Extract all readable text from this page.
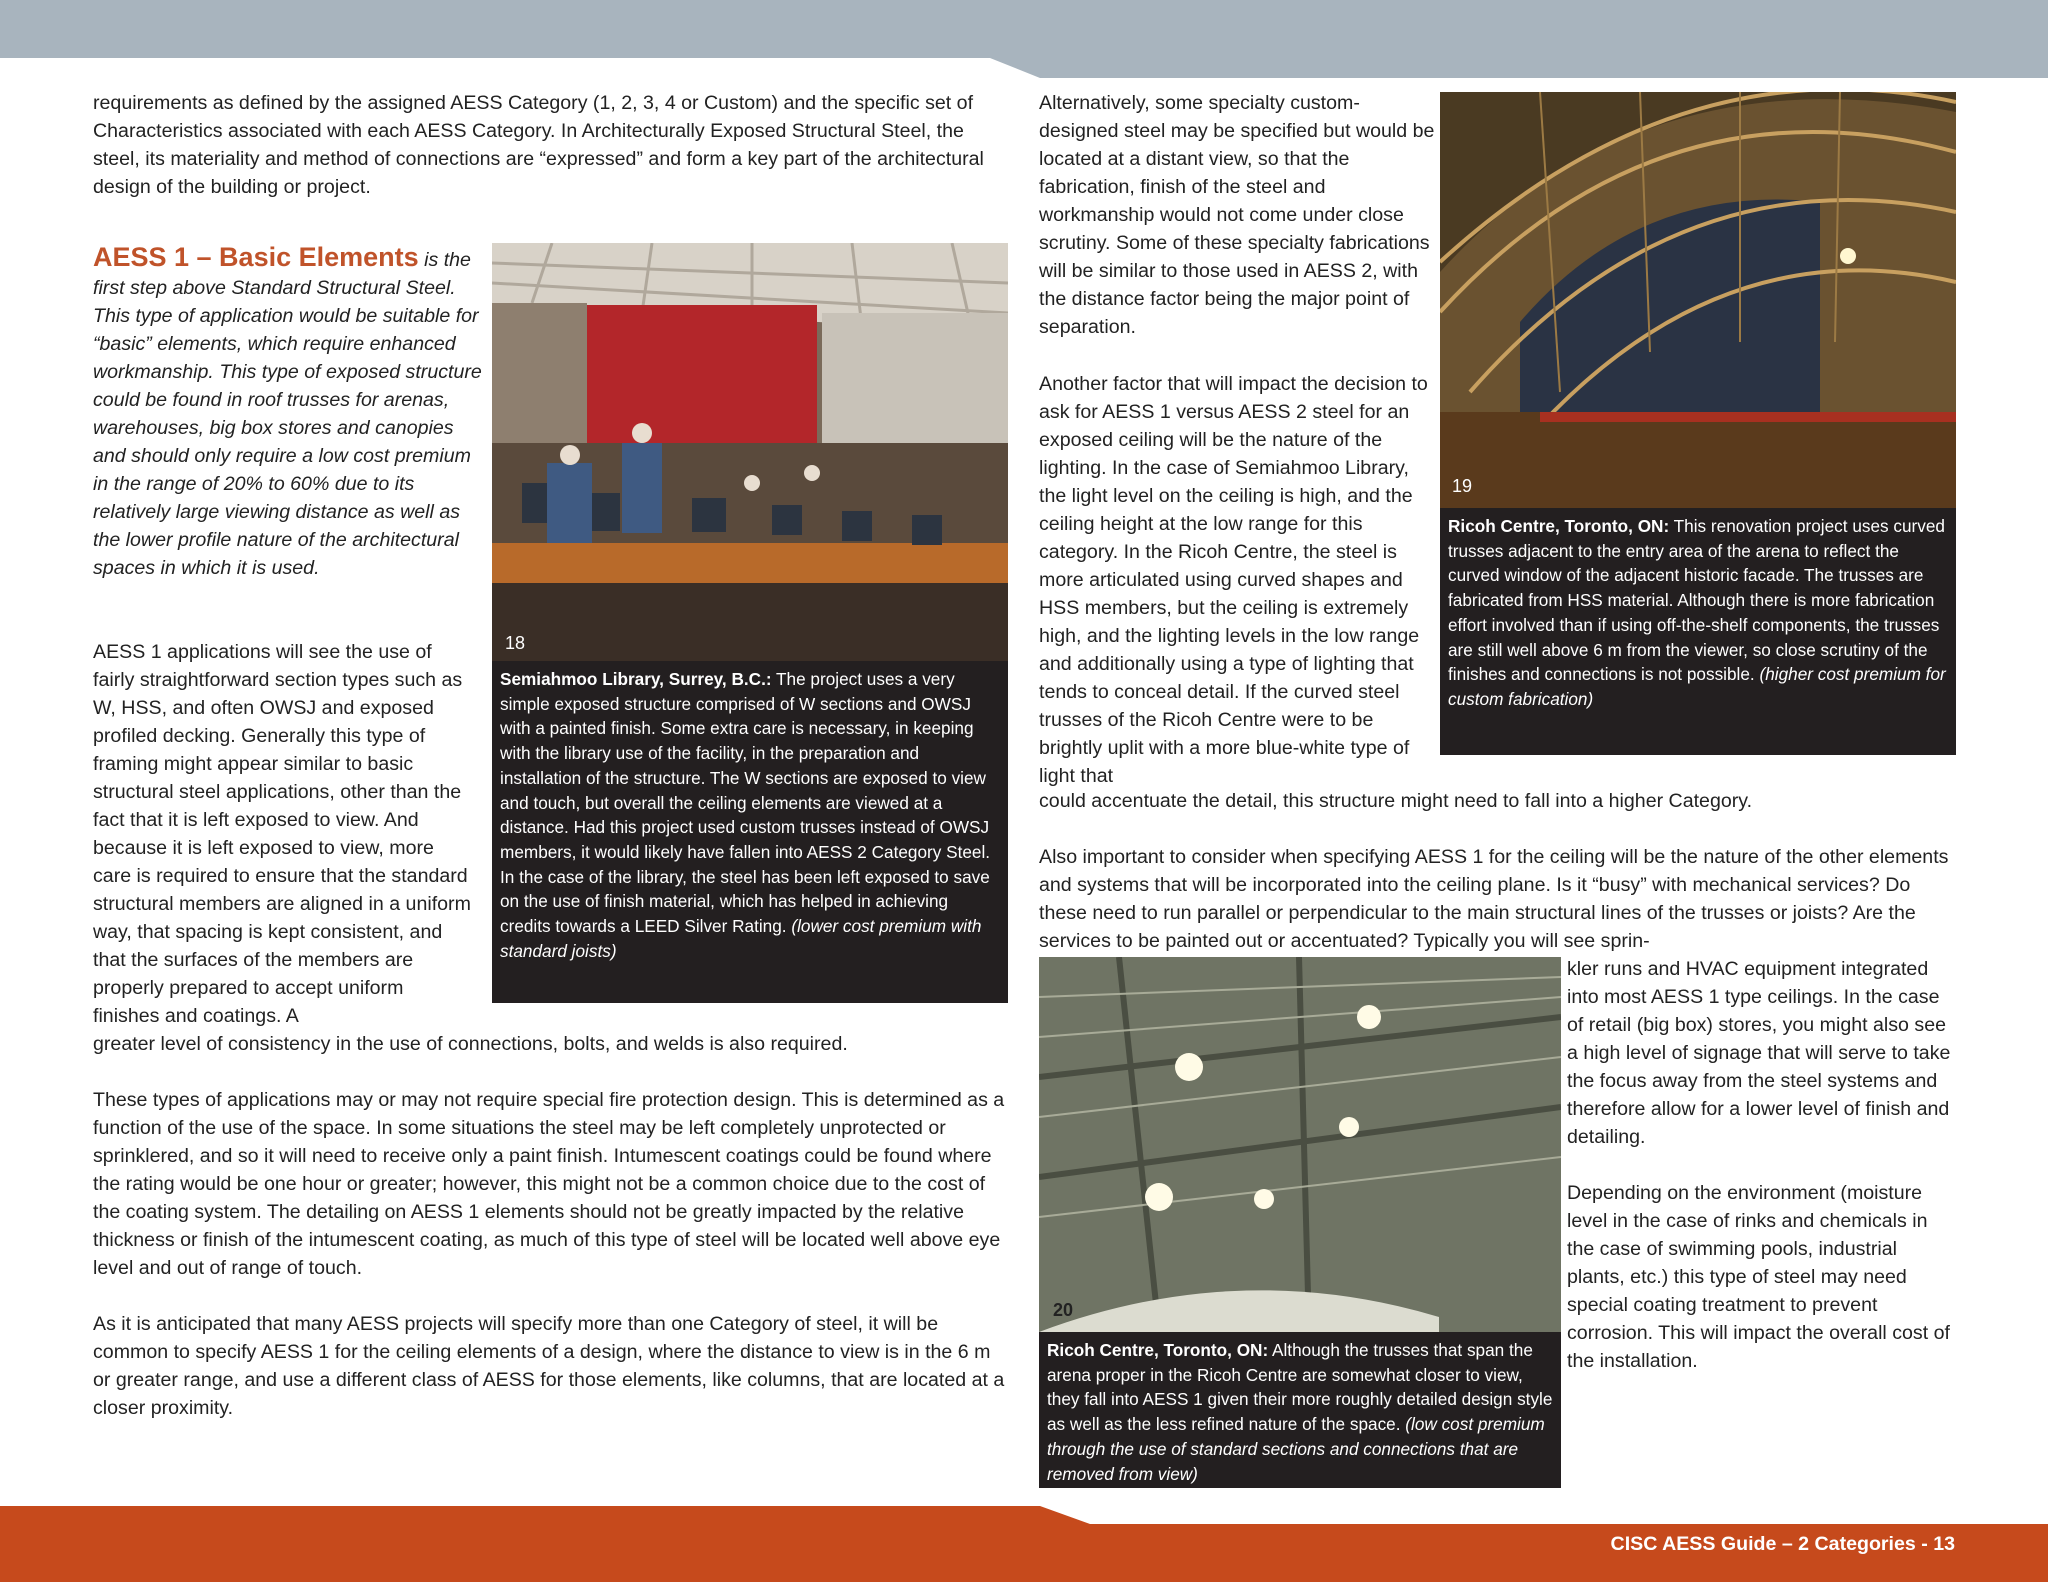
requirements as defined by the assigned AESS Category (1, 2, 3, 4 or Custom) and the specific set of Characteristics associated with each AESS Category. In Architecturally Exposed Structural Steel, the steel, its materiality and method of connections are “expressed” and form a key part of the architectural design of the building or project.

AESS 1 – Basic Elements is the first step above Standard Structural Steel. This type of application would be suitable for “basic” elements, which require enhanced workmanship. This type of exposed structure could be found in roof trusses for arenas, warehouses, big box stores and canopies and should only require a low cost premium in the range of 20% to 60% due to its relatively large viewing distance as well as the lower profile nature of the architectural spaces in which it is used.

AESS 1 applications will see the use of fairly straightforward section types such as W, HSS, and often OWSJ and exposed profiled decking. Generally this type of framing might appear similar to basic structural steel applications, other than the fact that it is left exposed to view. And because it is left exposed to view, more care is required to ensure that the standard structural members are aligned in a uniform way, that spacing is kept consistent, and that the surfaces of the members are properly prepared to accept uniform finishes and coatings. A

greater level of consistency in the use of connections, bolts, and welds is also required.

These types of applications may or may not require special fire protection design. This is determined as a function of the use of the space. In some situations the steel may be left completely unprotected or sprinklered, and so it will need to receive only a paint finish. Intumescent coatings could be found where the rating would be one hour or greater; however, this might not be a common choice due to the cost of the coating system. The detailing on AESS 1 elements should not be greatly impacted by the relative thickness or finish of the intumescent coating, as much of this type of steel will be located well above eye level and out of range of touch.

As it is anticipated that many AESS projects will specify more than one Category of steel, it will be common to specify AESS 1 for the ceiling elements of a design, where the distance to view is in the 6 m or greater range, and use a different class of AESS for those elements, like columns, that are located at a closer proximity.

18
Semiahmoo Library, Surrey, B.C.: The project uses a very simple exposed structure comprised of W sections and OWSJ with a painted finish. Some extra care is necessary, in keeping with the library use of the facility, in the preparation and installation of the structure. The W sections are exposed to view and touch, but overall the ceiling elements are viewed at a distance. Had this project used custom trusses instead of OWSJ members, it would likely have fallen into AESS 2 Category Steel. In the case of the library, the steel has been left exposed to save on the use of finish material, which has helped in achieving credits towards a LEED Silver Rating. (lower cost premium with standard joists)

Alternatively, some specialty custom-designed steel may be specified but would be located at a distant view, so that the fabrication, finish of the steel and workmanship would not come under close scrutiny. Some of these specialty fabrications will be similar to those used in AESS 2, with the distance factor being the major point of separation.

Another factor that will impact the decision to ask for AESS 1 versus AESS 2 steel for an exposed ceiling will be the nature of the lighting. In the case of Semiahmoo Library, the light level on the ceiling is high, and the ceiling height at the low range for this category. In the Ricoh Centre, the steel is more articulated using curved shapes and HSS members, but the ceiling is extremely high, and the lighting levels in the low range and additionally using a type of lighting that tends to conceal detail. If the curved steel trusses of the Ricoh Centre were to be brightly uplit with a more blue-white type of light that

could accentuate the detail, this structure might need to fall into a higher Category.

19
Ricoh Centre, Toronto, ON: This renovation project uses curved trusses adjacent to the entry area of the arena to reflect the curved window of the adjacent historic facade. The trusses are fabricated from HSS material. Although there is more fabrication effort involved than if using off-the-shelf components, the trusses are still well above 6 m from the viewer, so close scrutiny of the finishes and connections is not possible. (higher cost premium for custom fabrication)

Also important to consider when specifying AESS 1 for the ceiling will be the nature of the other elements and systems that will be incorporated into the ceiling plane. Is it “busy” with mechanical services? Do these need to run parallel or perpendicular to the main structural lines of the trusses or joists? Are the services to be painted out or accentuated? Typically you will see sprin-

kler runs and HVAC equipment integrated into most AESS 1 type ceilings. In the case of retail (big box) stores, you might also see a high level of signage that will serve to take the focus away from the steel systems and therefore allow for a lower level of finish and detailing.

Depending on the environment (moisture level in the case of rinks and chemicals in the case of swimming pools, industrial plants, etc.) this type of steel may need special coating treatment to prevent corrosion. This will impact the overall cost of the installation.

20
Ricoh Centre, Toronto, ON: Although the trusses that span the arena proper in the Ricoh Centre are somewhat closer to view, they fall into AESS 1 given their more roughly detailed design style as well as the less refined nature of the space. (low cost premium through the use of standard sections and connections that are removed from view)
CISC AESS Guide – 2 Categories - 13
